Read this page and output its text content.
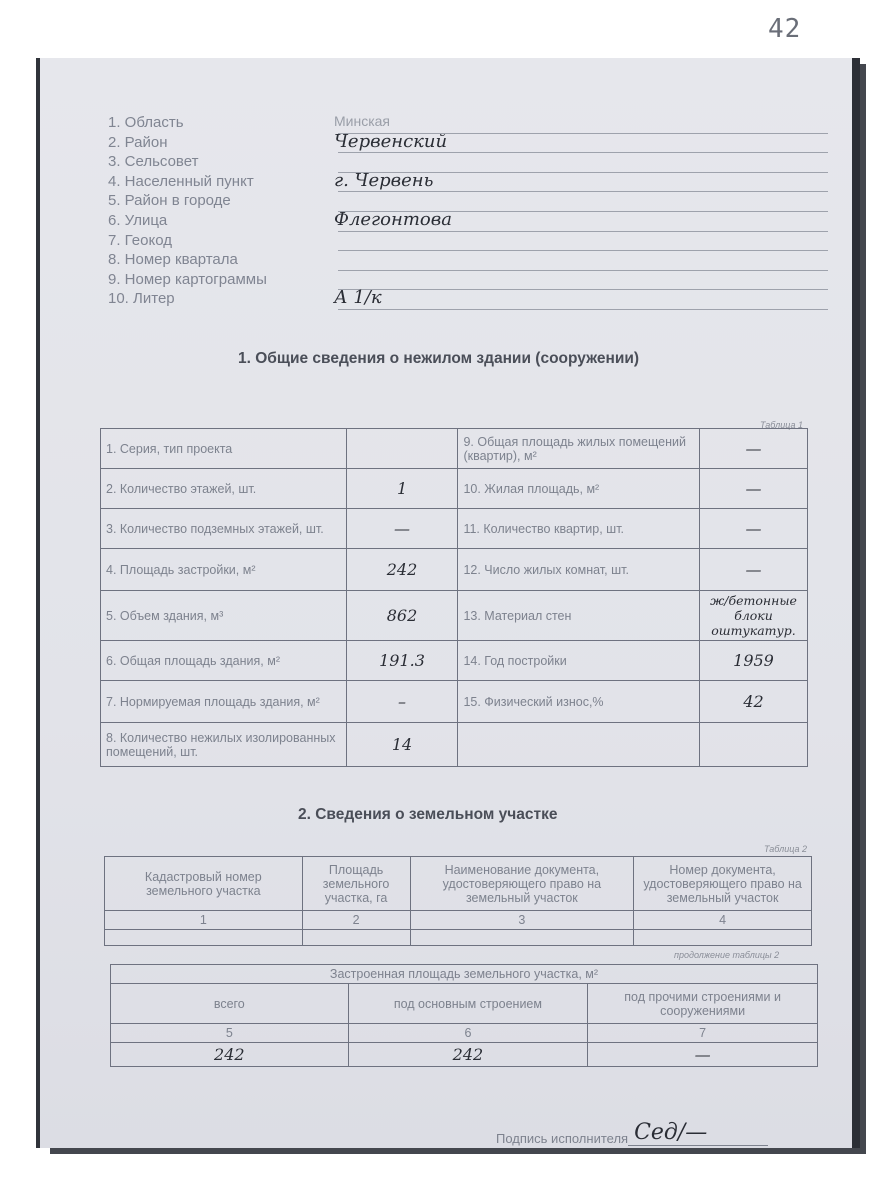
42
1. Область	Минская
2. Район	Червенский
3. Сельсовет
4. Населенный пункт	г. Червень
5. Район в городе
6. Улица	Флегонтова
7. Геокод
8. Номер квартала
9. Номер картограммы
10. Литер	А 1/к
1. Общие сведения о нежилом здании (сооружении)
Таблица 1
1. Серия, тип проекта		9. Общая площадь жилых помещений (квартир), м²	—
2. Количество этажей, шт.	1	10. Жилая площадь, м²	—
3. Количество подземных этажей, шт.	—	11. Количество квартир, шт.	—
4. Площадь застройки, м²	242	12. Число жилых комнат, шт.	—
5. Объем здания, м³	862	13. Материал стен	ж/бетонные блоки оштукатур.
6. Общая площадь здания, м²	191.3	14. Год постройки	1959
7. Нормируемая площадь здания, м²	–	15. Физический износ,%	42
8. Количество нежилых изолированных помещений, шт.	14		
2. Сведения о земельном участке
Таблица 2
Кадастровый номер земельного участка	Площадь земельного участка, га	Наименование документа, удостоверяющего право на земельный участок	Номер документа, удостоверяющего право на земельный участок
1	2	3	4

продолжение таблицы 2
Застроенная площадь земельного участка, м²		
всего	под основным строением	под прочими строениями и сооружениями
5	6	7
242	242	—
Подпись исполнителя Сед/—
